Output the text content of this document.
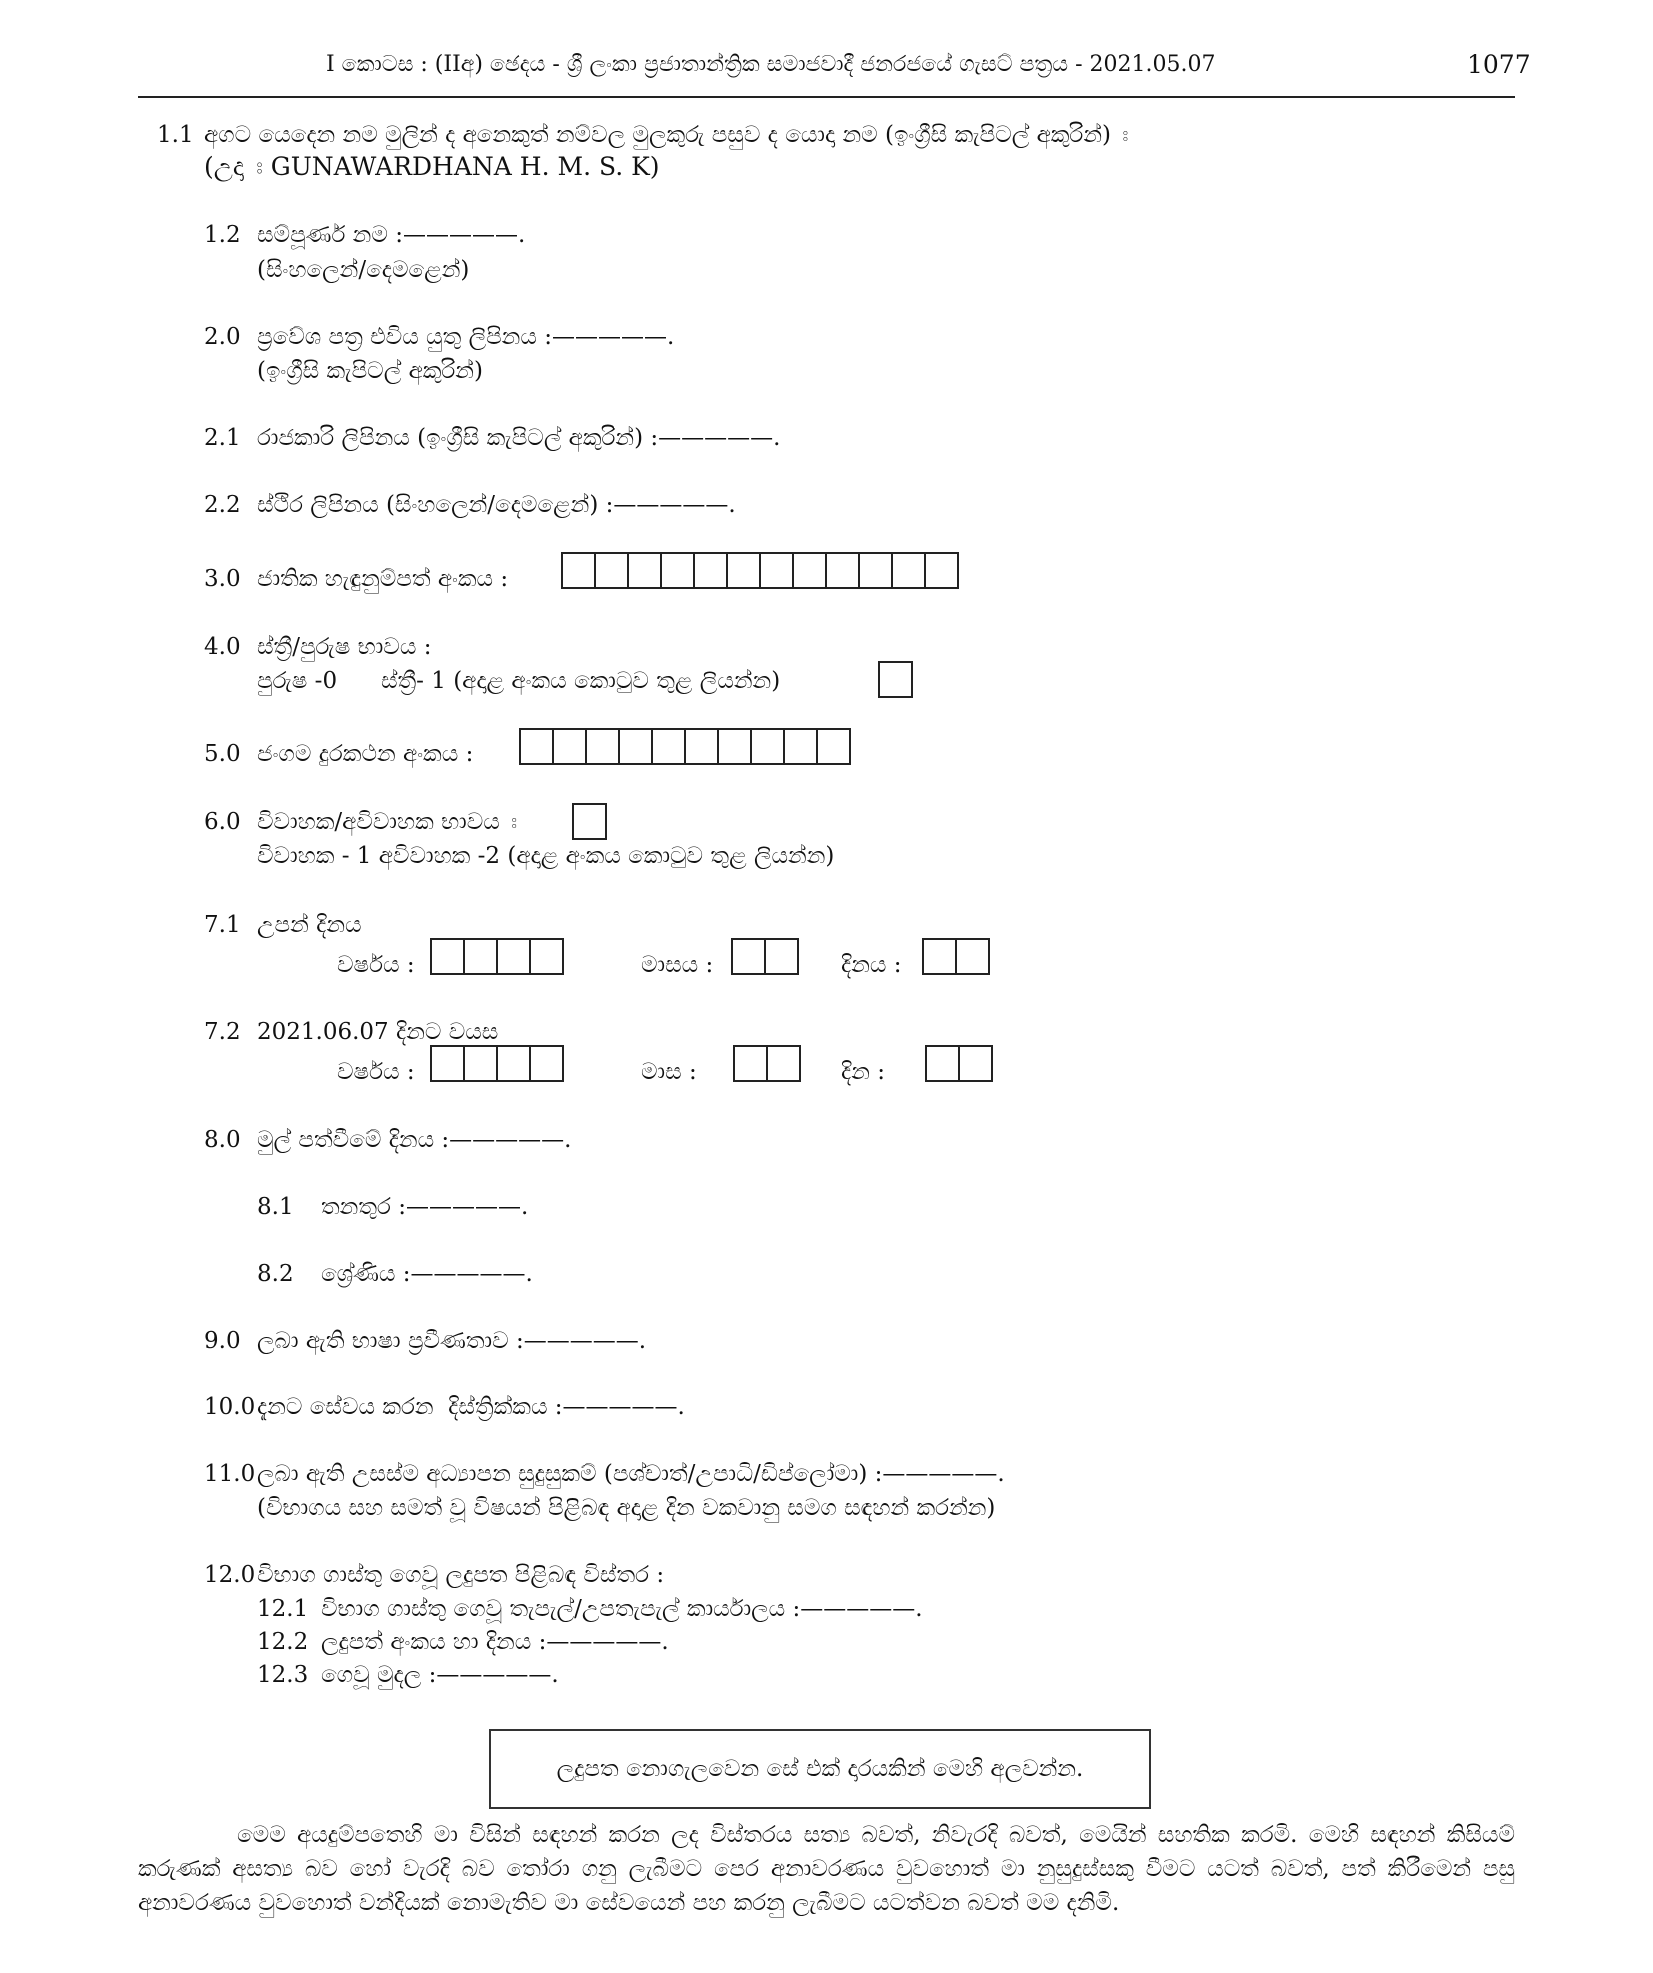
I කොටස : (IIඅ) ඡෙදය - ශ්‍රී ලංකා ප්‍රජාතාන්ත්‍රික සමාජවාදී ජනරජයේ ගැසට් පත්‍රය - 2021.05.07	1077
1.1 අගට යෙදෙන නම මුලින් ද අනෙකුත් නම්වල මුලකුරු පසුව ද යොදා නම (ඉංග්‍රීසි කැපිටල් අකුරින්) ඃ
(උදා ඃ GUNAWARDHANA H. M. S. K)
1.2 සම්පූර්ණ නම :—————.
(සිංහලෙන්/දෙමළෙන්)
2.0 ප්‍රවේශ පත්‍ර එවිය යුතු ලිපිනය :—————.
(ඉංග්‍රීසි කැපිටල් අකුරින්)
2.1 රාජකාරි ලිපිනය (ඉංග්‍රීසි කැපිටල් අකුරින්) :—————.
2.2 ස්ථිර ලිපිනය (සිංහලෙන්/දෙමළෙන්) :—————.
3.0 ජාතික හැඳුනුම්පත් අංකය :
4.0 ස්ත්‍රී/පුරුෂ භාවය :
පුරුෂ -0      ස්ත්‍රී- 1 (අදාළ අංකය කොටුව තුළ ලියන්න)
5.0 ජංගම දුරකථන අංකය :
6.0 විවාහක/අවිවාහක භාවය ඃ
විවාහක - 1 අවිවාහක -2 (අදාළ අංකය කොටුව තුළ ලියන්න)
7.1 උපන් දිනය
වර්ෂය :	මාසය :	දිනය :
7.2 2021.06.07 දිනට වයස
වර්ෂය :	මාස :	දින :
8.0 මුල් පත්වීමේ දිනය :—————.
8.1 තනතුර :—————.
8.2 ශ්‍රේණිය :—————.
9.0 ලබා ඇති භාෂා ප්‍රවීණතාව :—————.
10.0 දැනට සේවය කරන  දිස්ත්‍රික්කය :—————.
11.0 ලබා ඇති උසස්ම අධ්‍යාපන සුදුසුකම් (පශ්චාත්/උපාධි/ඩිප්ලෝමා) :—————.
(විභාගය සහ සමත් වූ විෂයන් පිළිබඳ අදාළ දින වකවානු සමග සඳහන් කරන්න)
12.0 විභාග ගාස්තු ගෙවූ ලදුපත පිළිබඳ විස්තර :
12.1 විභාග ගාස්තු ගෙවූ තැපැල්/උපතැපැල් කාර්යාලය :—————.
12.2 ලදුපත් අංකය හා දිනය :—————.
12.3 ගෙවූ මුදල :—————.
ලදුපත නොගැලවෙන සේ එක් දාරයකින් මෙහි අලවන්න.
මෙම අයදුම්පතෙහි මා විසින් සඳහන් කරන ලද විස්තරය සත්‍ය බවත්, නිවැරදි බවත්, මෙයින් සහතික කරමි. මෙහි සඳහන් කිසියම් කරුණක් අසත්‍ය බව හෝ වැරදි බව තෝරා ගනු ලැබීමට පෙර අනාවරණය වුවහොත් මා නුසුදුස්සකු වීමට යටත් බවත්, පත් කිරීමෙන් පසු අනාවරණය වුවහොත් වන්දියක් නොමැතිව මා සේවයෙන් පහ කරනු ලැබීමට යටත්වන බවත් මම දනිමි.
